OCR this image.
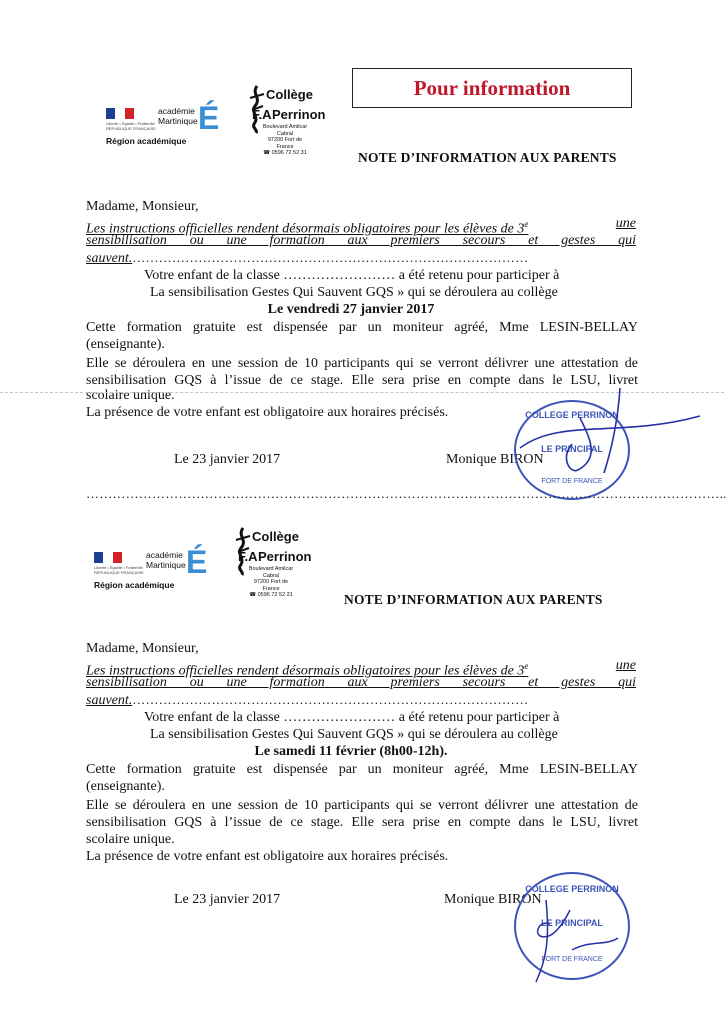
Pour information
Liberté • Égalité • Fraternité
RÉPUBLIQUE FRANÇAISE
académie
Martinique É
Région académique
Collège
F.A Perrinon
Boulevard Amilcar Cabral
97200 Fort de France
☎ 0596 72 52 31	NOTE D’INFORMATION AUX PARENTS
Madame, Monsieur,
Les instructions officielles rendent désormais obligatoires pour les élèves de 3e	une
sensibilisation ou une formation aux premiers secours et gestes qui
sauvent.………………………………………………………………………………
Votre enfant de la classe …………………… a été retenu pour participer à
La sensibilisation Gestes Qui Sauvent GQS » qui se déroulera au collège
Le vendredi 27 janvier 2017
Cette formation gratuite est dispensée par un moniteur agréé, Mme LESIN-BELLAY
(enseignante).
Elle se déroulera en une session de 10 participants qui se verront délivrer une attestation de
sensibilisation GQS à l’issue de ce stage. Elle sera prise en compte dans le LSU, livret
scolaire unique.
La présence de votre enfant est obligatoire aux horaires précisés.
Le 23 janvier 2017	Monique BIRON
COLLEGE PERRINON
LE PRINCIPAL
FORT DE FRANCE
………………………………………………………………………………………………………………………………..
Liberté • Égalité • Fraternité
RÉPUBLIQUE FRANÇAISE
académie
Martinique É
Région académique
Collège
F.A Perrinon
Boulevard Amilcar Cabral
97200 Fort de France
☎ 0596 72 52 31	NOTE D’INFORMATION AUX PARENTS
Madame, Monsieur,
Les instructions officielles rendent désormais obligatoires pour les élèves de 3e	une
sensibilisation ou une formation aux premiers secours et gestes qui
sauvent.………………………………………………………………………………
Votre enfant de la classe …………………… a été retenu pour participer à
La sensibilisation Gestes Qui Sauvent GQS » qui se déroulera au collège
Le samedi 11 février (8h00-12h).
Cette formation gratuite est dispensée par un moniteur agréé, Mme LESIN-BELLAY
(enseignante).
Elle se déroulera en une session de 10 participants qui se verront délivrer une attestation de
sensibilisation GQS à l’issue de ce stage. Elle sera prise en compte dans le LSU, livret
scolaire unique.
La présence de votre enfant est obligatoire aux horaires précisés.
Le 23 janvier 2017	Monique BIRON
COLLEGE PERRINON
LE PRINCIPAL
FORT DE FRANCE
